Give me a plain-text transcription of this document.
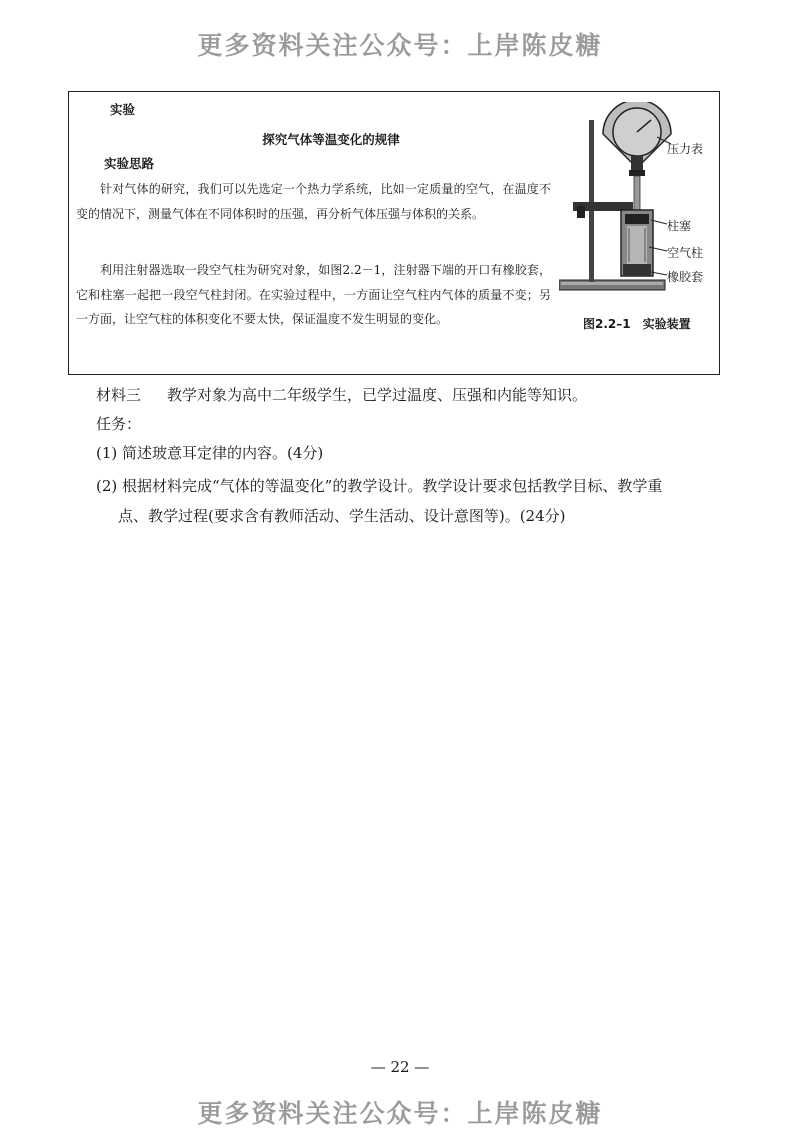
更多资料关注公众号：上岸陈皮糖
实验
探究气体等温变化的规律
实验思路
针对气体的研究，我们可以先选定一个热力学系统，比如一定质量的空气，在温度不变的情况下，测量气体在不同体积时的压强，再分析气体压强与体积的关系。
利用注射器选取一段空气柱为研究对象，如图2.2－1，注射器下端的开口有橡胶套，它和柱塞一起把一段空气柱封闭。在实验过程中，一方面让空气柱内气体的质量不变；另一方面，让空气柱的体积变化不要太快，保证温度不发生明显的变化。
压力表
柱塞
空气柱
橡胶套
图2.2–1　实验装置
材料三 教学对象为高中二年级学生，已学过温度、压强和内能等知识。
任务：
(1) 简述玻意耳定律的内容。(4分)
(2) 根据材料完成“气体的等温变化”的教学设计。教学设计要求包括教学目标、教学重
点、教学过程(要求含有教师活动、学生活动、设计意图等)。(24分)
— 22 —
更多资料关注公众号：上岸陈皮糖
